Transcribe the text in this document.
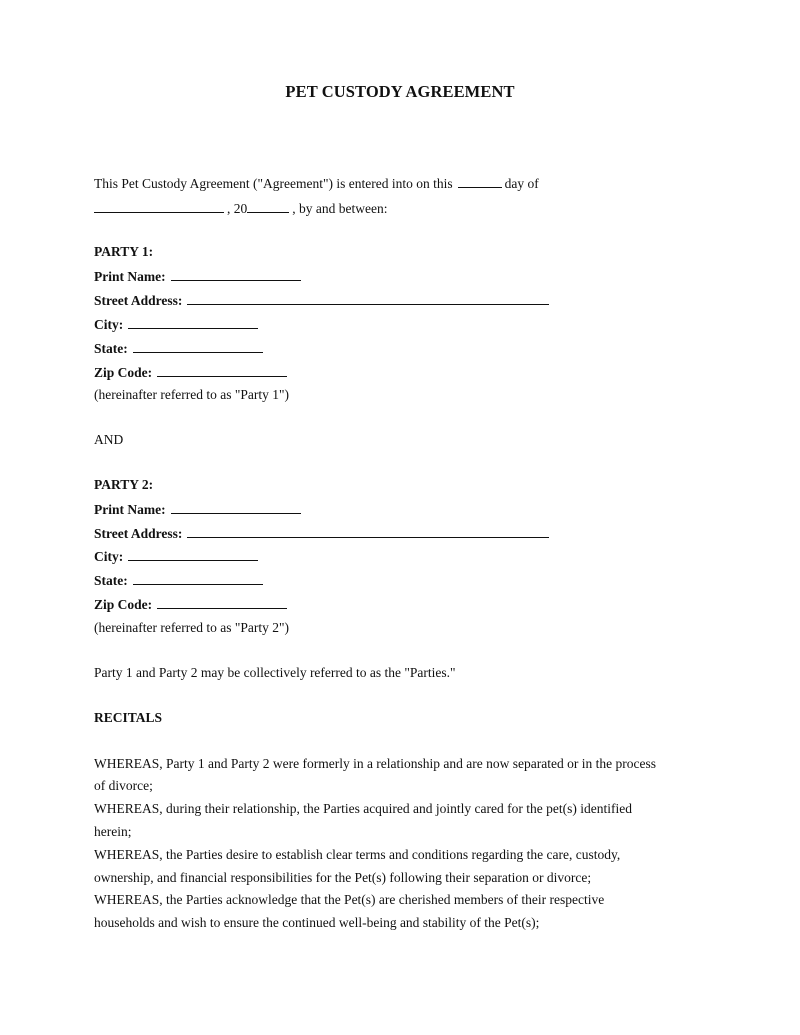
PET CUSTODY AGREEMENT
This Pet Custody Agreement ("Agreement") is entered into on this	day of
, 20	, by and between:
PARTY 1:
Print Name:
Street Address:
City:
State:
Zip Code:
(hereinafter referred to as "Party 1")
AND
PARTY 2:
Print Name:
Street Address:
City:
State:
Zip Code:
(hereinafter referred to as "Party 2")
Party 1 and Party 2 may be collectively referred to as the "Parties."
RECITALS
WHEREAS, Party 1 and Party 2 were formerly in a relationship and are now separated or in the process
of divorce;
WHEREAS, during their relationship, the Parties acquired and jointly cared for the pet(s) identified
herein;
WHEREAS, the Parties desire to establish clear terms and conditions regarding the care, custody,
ownership, and financial responsibilities for the Pet(s) following their separation or divorce;
WHEREAS, the Parties acknowledge that the Pet(s) are cherished members of their respective
households and wish to ensure the continued well-being and stability of the Pet(s);
